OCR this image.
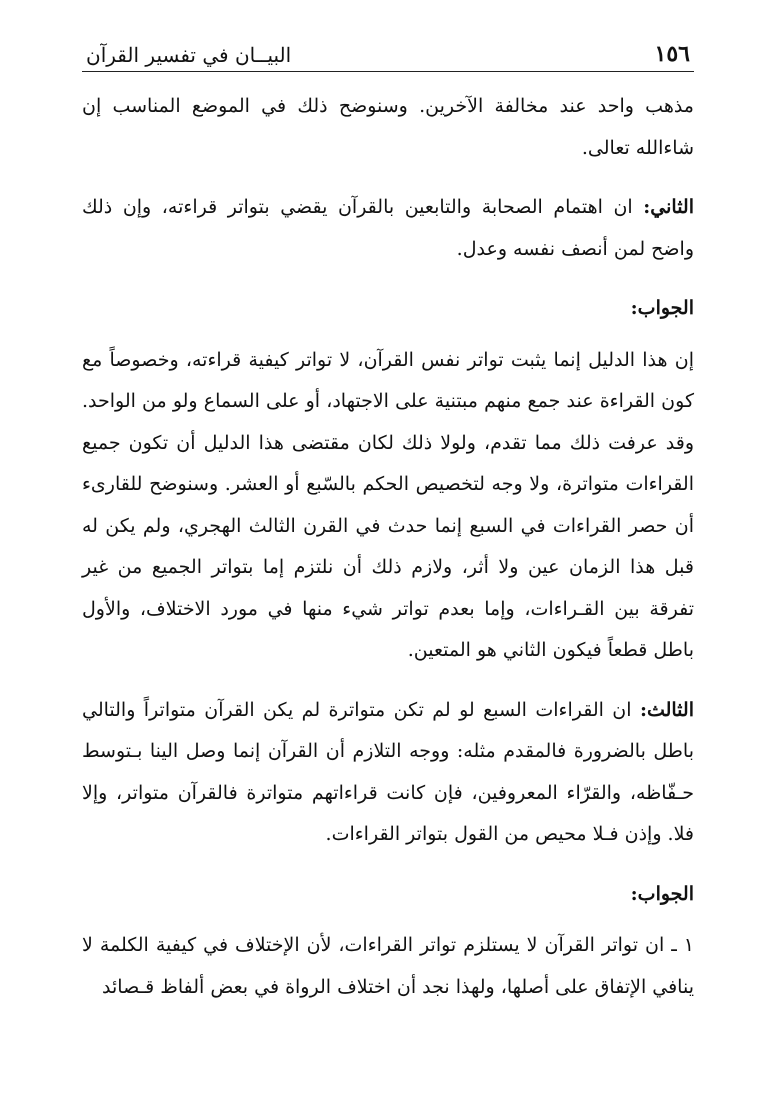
١٥٦
البيــان في تفسير القرآن

مذهب واحد عند مخالفة الآخرين. وسنوضح ذلك في الموضع المناسب إن شاءالله تعالى.

الثاني: ان اهتمام الصحابة والتابعين بالقرآن يقضي بتواتر قراءته، وإن ذلك واضح لمن أنصف نفسه وعدل.

الجواب:

إن هذا الدليل إنما يثبت تواتر نفس القرآن، لا تواتر كيفية قراءته، وخصوصاً مع كون القراءة عند جمع منهم مبتنية على الاجتهاد، أو على السماع ولو من الواحد. وقد عرفت ذلك مما تقدم، ولولا ذلك لكان مقتضى هذا الدليل أن تكون جميع القراءات متواترة، ولا وجه لتخصيص الحكم بالسّبع أو العشر. وسنوضح للقارىء أن حصر القراءات في السبع إنما حدث في القرن الثالث الهجري، ولم يكن له قبل هذا الزمان عين ولا أثر، ولازم ذلك أن نلتزم إما بتواتر الجميع من غير تفرقة بين القـراءات، وإما بعدم تواتر شيء منها في مورد الاختلاف، والأول باطل قطعاً فيكون الثاني هو المتعين.

الثالث: ان القراءات السبع لو لم تكن متواترة لم يكن القرآن متواتراً والتالي باطل بالضرورة فالمقدم مثله: ووجه التلازم أن القرآن إنما وصل الينا بـتوسط حـفّاظه، والقرّاء المعروفين، فإن كانت قراءاتهم متواترة فالقرآن متواتر، وإلا فلا. وإذن فـلا محيص من القول بتواتر القراءات.

الجواب:

١ ـ ان تواتر القرآن لا يستلزم تواتر القراءات، لأن الإختلاف في كيفية الكلمة لا ينافي الإتفاق على أصلها، ولهذا نجد أن اختلاف الرواة في بعض ألفاظ قـصائد
